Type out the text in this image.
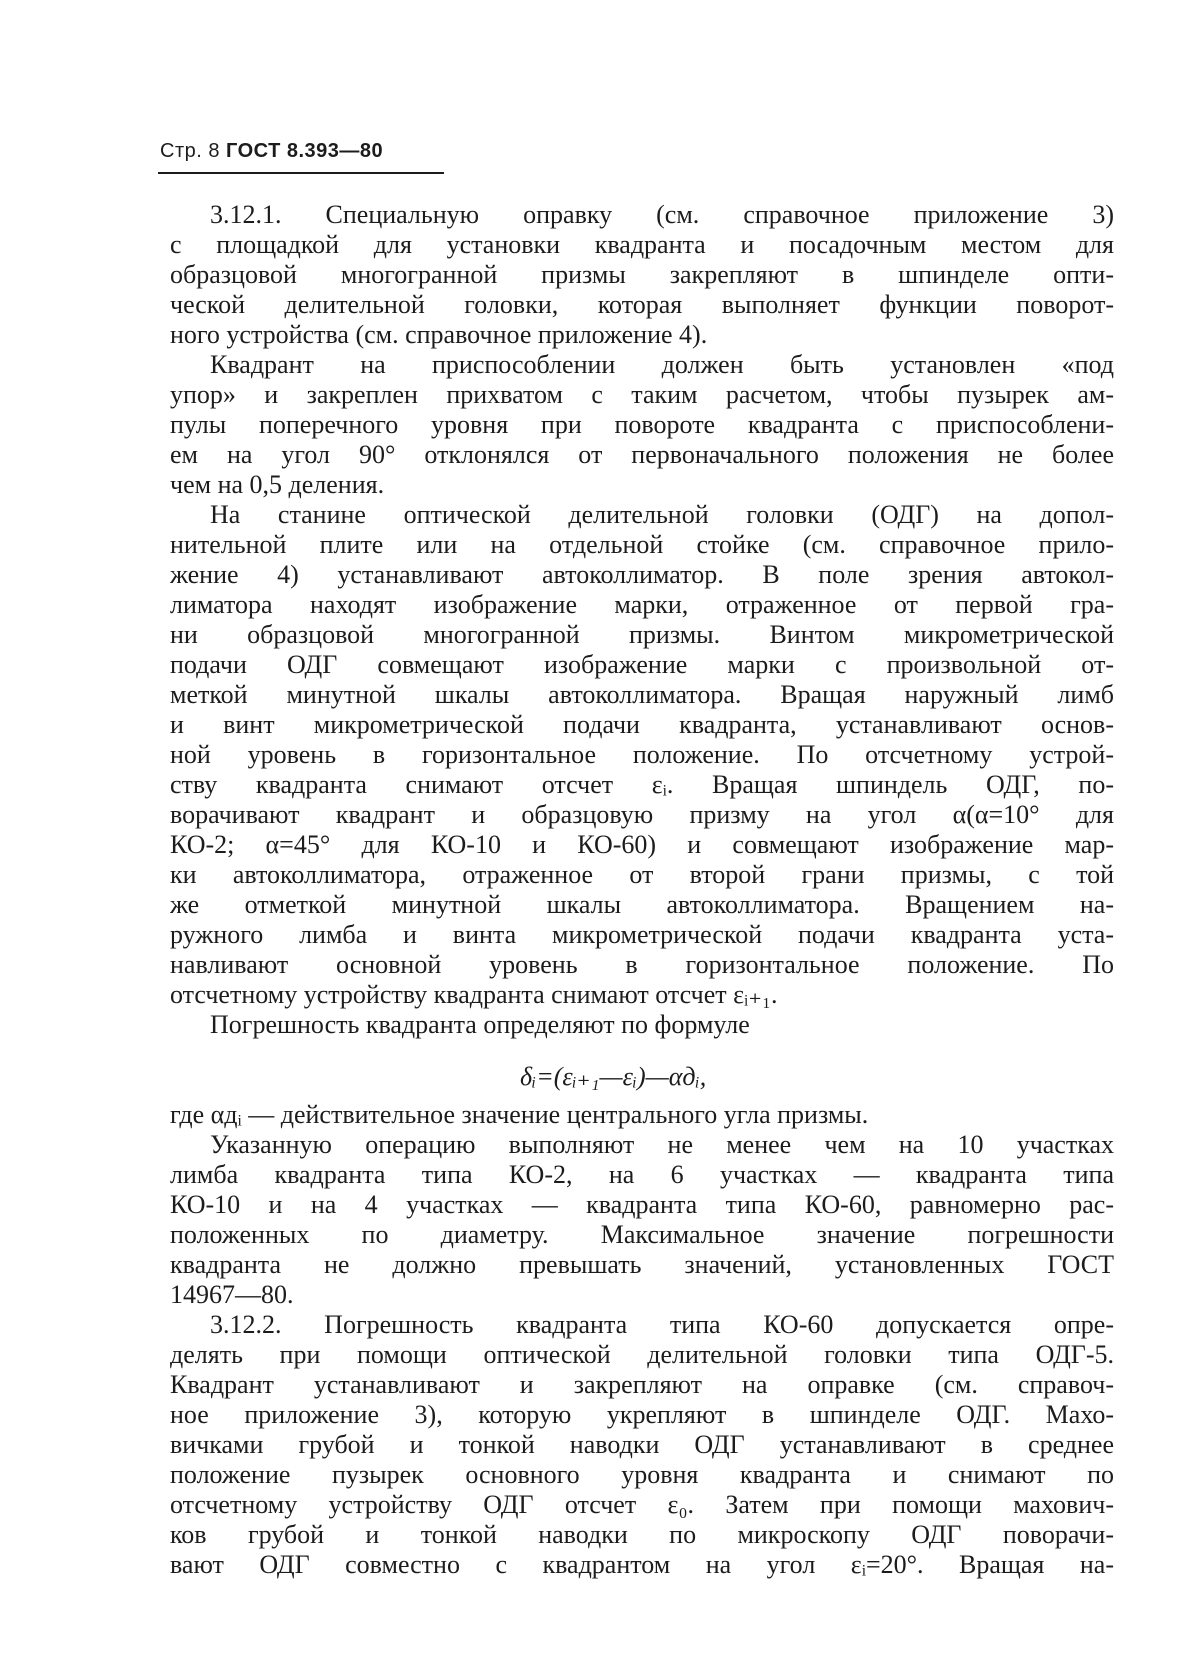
Стр. 8 ГОСТ 8.393—80
3.12.1. Специальную оправку (см. справочное приложение 3)
с площадкой для установки квадранта и посадочным местом для
образцовой многогранной призмы закрепляют в шпинделе опти-
ческой делительной головки, которая выполняет функции поворот-
ного устройства (см. справочное приложение 4).
Квадрант на приспособлении должен быть установлен «под
упор» и закреплен прихватом с таким расчетом, чтобы пузырек ам-
пулы поперечного уровня при повороте квадранта с приспособлени-
ем на угол 90° отклонялся от первоначального положения не более
чем на 0,5 деления.
На станине оптической делительной головки (ОДГ) на допол-
нительной плите или на отдельной стойке (см. справочное прило-
жение 4) устанавливают автоколлиматор. В поле зрения автокол-
лиматора находят изображение марки, отраженное от первой гра-
ни образцовой многогранной призмы. Винтом микрометрической
подачи ОДГ совмещают изображение марки с произвольной от-
меткой минутной шкалы автоколлиматора. Вращая наружный лимб
и винт микрометрической подачи квадранта, устанавливают основ-
ной уровень в горизонтальное положение. По отсчетному устрой-
ству квадранта снимают отсчет εᵢ. Вращая шпиндель ОДГ, по-
ворачивают квадрант и образцовую призму на угол α(α=10° для
КО-2; α=45° для КО-10 и КО-60) и совмещают изображение мар-
ки автоколлиматора, отраженное от второй грани призмы, с той
же отметкой минутной шкалы автоколлиматора. Вращением на-
ружного лимба и винта микрометрической подачи квадранта уста-
навливают основной уровень в горизонтальное положение. По
отсчетному устройству квадранта снимают отсчет εᵢ₊₁.
Погрешность квадранта определяют по формуле
где αдᵢ — действительное значение центрального угла призмы.
Указанную операцию выполняют не менее чем на 10 участках
лимба квадранта типа КО-2, на 6 участках — квадранта типа
КО-10 и на 4 участках — квадранта типа КО-60, равномерно рас-
положенных по диаметру. Максимальное значение погрешности
квадранта не должно превышать значений, установленных ГОСТ
14967—80.
3.12.2. Погрешность квадранта типа КО-60 допускается опре-
делять при помощи оптической делительной головки типа ОДГ-5.
Квадрант устанавливают и закрепляют на оправке (см. справоч-
ное приложение 3), которую укрепляют в шпинделе ОДГ. Махо-
вичками грубой и тонкой наводки ОДГ устанавливают в среднее
положение пузырек основного уровня квадранта и снимают по
отсчетному устройству ОДГ отсчет ε₀. Затем при помощи махович-
ков грубой и тонкой наводки по микроскопу ОДГ поворачи-
вают ОДГ совместно с квадрантом на угол εᵢ=20°. Вращая на-
δᵢ=(εᵢ₊₁—εᵢ)—αдᵢ,
